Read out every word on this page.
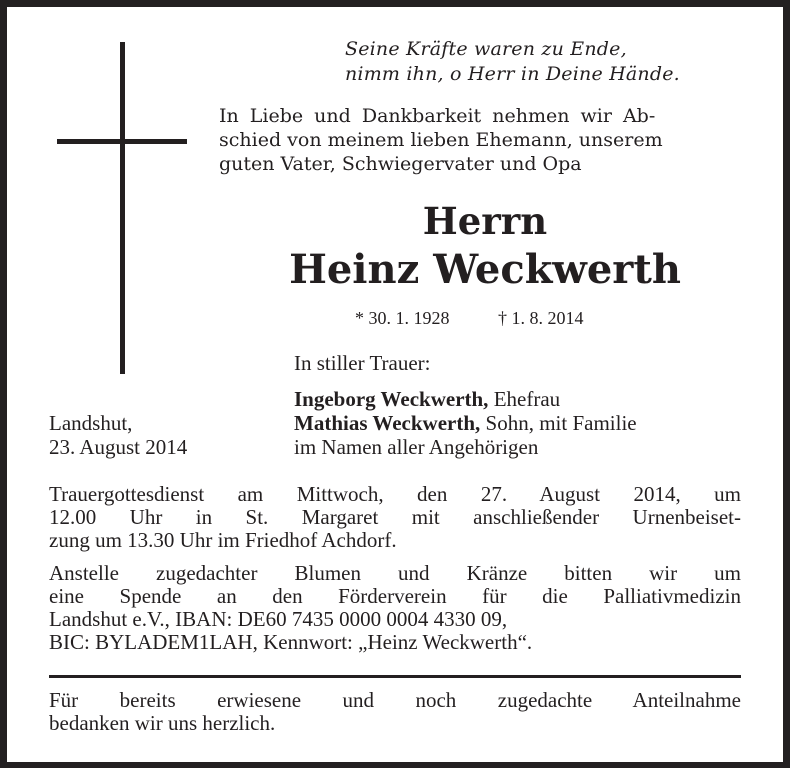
Seine Kräfte waren zu Ende,
nimm ihn, o Herr in Deine Hände.
In Liebe und Dankbarkeit nehmen wir Ab-
schied von meinem lieben Ehemann, unserem
guten Vater, Schwiegervater und Opa
Herrn
Heinz Weckwerth
* 30. 1. 1928	† 1. 8. 2014
In stiller Trauer:
Ingeborg Weckwerth, Ehefrau
Mathias Weckwerth, Sohn, mit Familie
im Namen aller Angehörigen
Landshut,
23. August 2014
Trauergottesdienst am Mittwoch, den 27. August 2014, um
12.00 Uhr in St. Margaret mit anschließender Urnenbeiset-
zung um 13.30 Uhr im Friedhof Achdorf.
Anstelle zugedachter Blumen und Kränze bitten wir um
eine Spende an den Förderverein für die Palliativmedizin
Landshut e.V., IBAN: DE60 7435 0000 0004 4330 09,
BIC: BYLADEM1LAH, Kennwort: „Heinz Weckwerth“.
Für bereits erwiesene und noch zugedachte Anteilnahme
bedanken wir uns herzlich.
